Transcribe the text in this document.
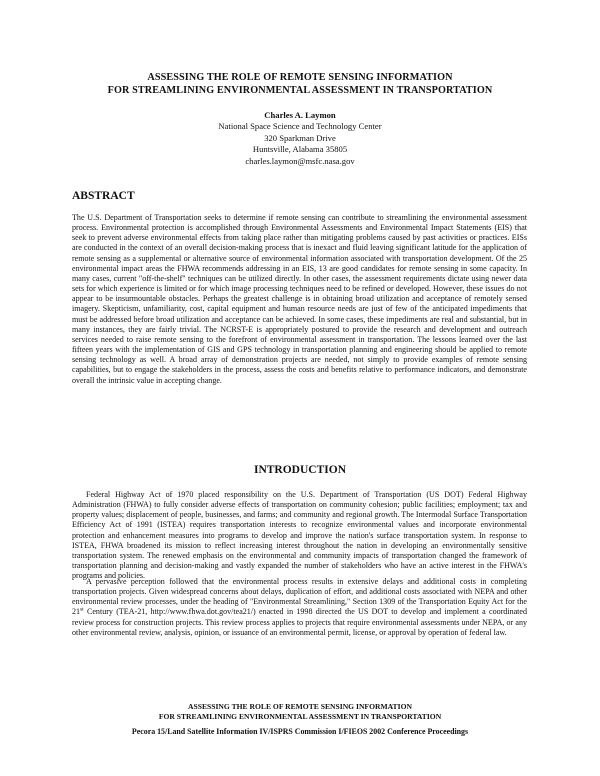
ASSESSING THE ROLE OF REMOTE SENSING INFORMATION
FOR STREAMLINING ENVIRONMENTAL ASSESSMENT IN TRANSPORTATION
Charles A. Laymon
National Space Science and Technology Center
320 Sparkman Drive
Huntsville, Alabama 35805
charles.laymon@msfc.nasa.gov
ABSTRACT

The U.S. Department of Transportation seeks to determine if remote sensing can contribute to streamlining the environmental assessment process. Environmental protection is accomplished through Environmental Assessments and Environmental Impact Statements (EIS) that seek to prevent adverse environmental effects from taking place rather than mitigating problems caused by past activities or practices. EISs are conducted in the context of an overall decision-making process that is inexact and fluid leaving significant latitude for the application of remote sensing as a supplemental or alternative source of environmental information associated with transportation development. Of the 25 environmental impact areas the FHWA recommends addressing in an EIS, 13 are good candidates for remote sensing in some capacity. In many cases, current "off-the-shelf" techniques can be utilized directly. In other cases, the assessment requirements dictate using newer data sets for which experience is limited or for which image processing techniques need to be refined or developed. However, these issues do not appear to be insurmountable obstacles. Perhaps the greatest challenge is in obtaining broad utilization and acceptance of remotely sensed imagery. Skepticism, unfamiliarity, cost, capital equipment and human resource needs are just of few of the anticipated impediments that must be addressed before broad utilization and acceptance can be achieved. In some cases, these impediments are real and substantial, but in many instances, they are fairly trivial. The NCRST-E is appropriately postured to provide the research and development and outreach services needed to raise remote sensing to the forefront of environmental assessment in transportation. The lessons learned over the last fifteen years with the implementation of GIS and GPS technology in transportation planning and engineering should be applied to remote sensing technology as well. A broad array of demonstration projects are needed, not simply to provide examples of remote sensing capabilities, but to engage the stakeholders in the process, assess the costs and benefits relative to performance indicators, and demonstrate overall the intrinsic value in accepting change.

INTRODUCTION

Federal Highway Act of 1970 placed responsibility on the U.S. Department of Transportation (US DOT) Federal Highway Administration (FHWA) to fully consider adverse effects of transportation on community cohesion; public facilities; employment; tax and property values; displacement of people, businesses, and farms; and community and regional growth. The Intermodal Surface Transportation Efficiency Act of 1991 (ISTEA) requires transportation interests to recognize environmental values and incorporate environmental protection and enhancement measures into programs to develop and improve the nation's surface transportation system. In response to ISTEA, FHWA broadened its mission to reflect increasing interest throughout the nation in developing an environmentally sensitive transportation system. The renewed emphasis on the environmental and community impacts of transportation changed the framework of transportation planning and decision-making and vastly expanded the number of stakeholders who have an active interest in the FHWA's programs and policies.

A pervasive perception followed that the environmental process results in extensive delays and additional costs in completing transportation projects. Given widespread concerns about delays, duplication of effort, and additional costs associated with NEPA and other environmental review processes, under the heading of "Environmental Streamlining," Section 1309 of the Transportation Equity Act for the 21st Century (TEA-21, http://www.fhwa.dot.gov/tea21/) enacted in 1998 directed the US DOT to develop and implement a coordinated review process for construction projects. This review process applies to projects that require environmental assessments under NEPA, or any other environmental review, analysis, opinion, or issuance of an environmental permit, license, or approval by operation of federal law.

ASSESSING THE ROLE OF REMOTE SENSING INFORMATION
FOR STREAMLINING ENVIRONMENTAL ASSESSMENT IN TRANSPORTATION
Pecora 15/Land Satellite Information IV/ISPRS Commission I/FIEOS 2002 Conference Proceedings
